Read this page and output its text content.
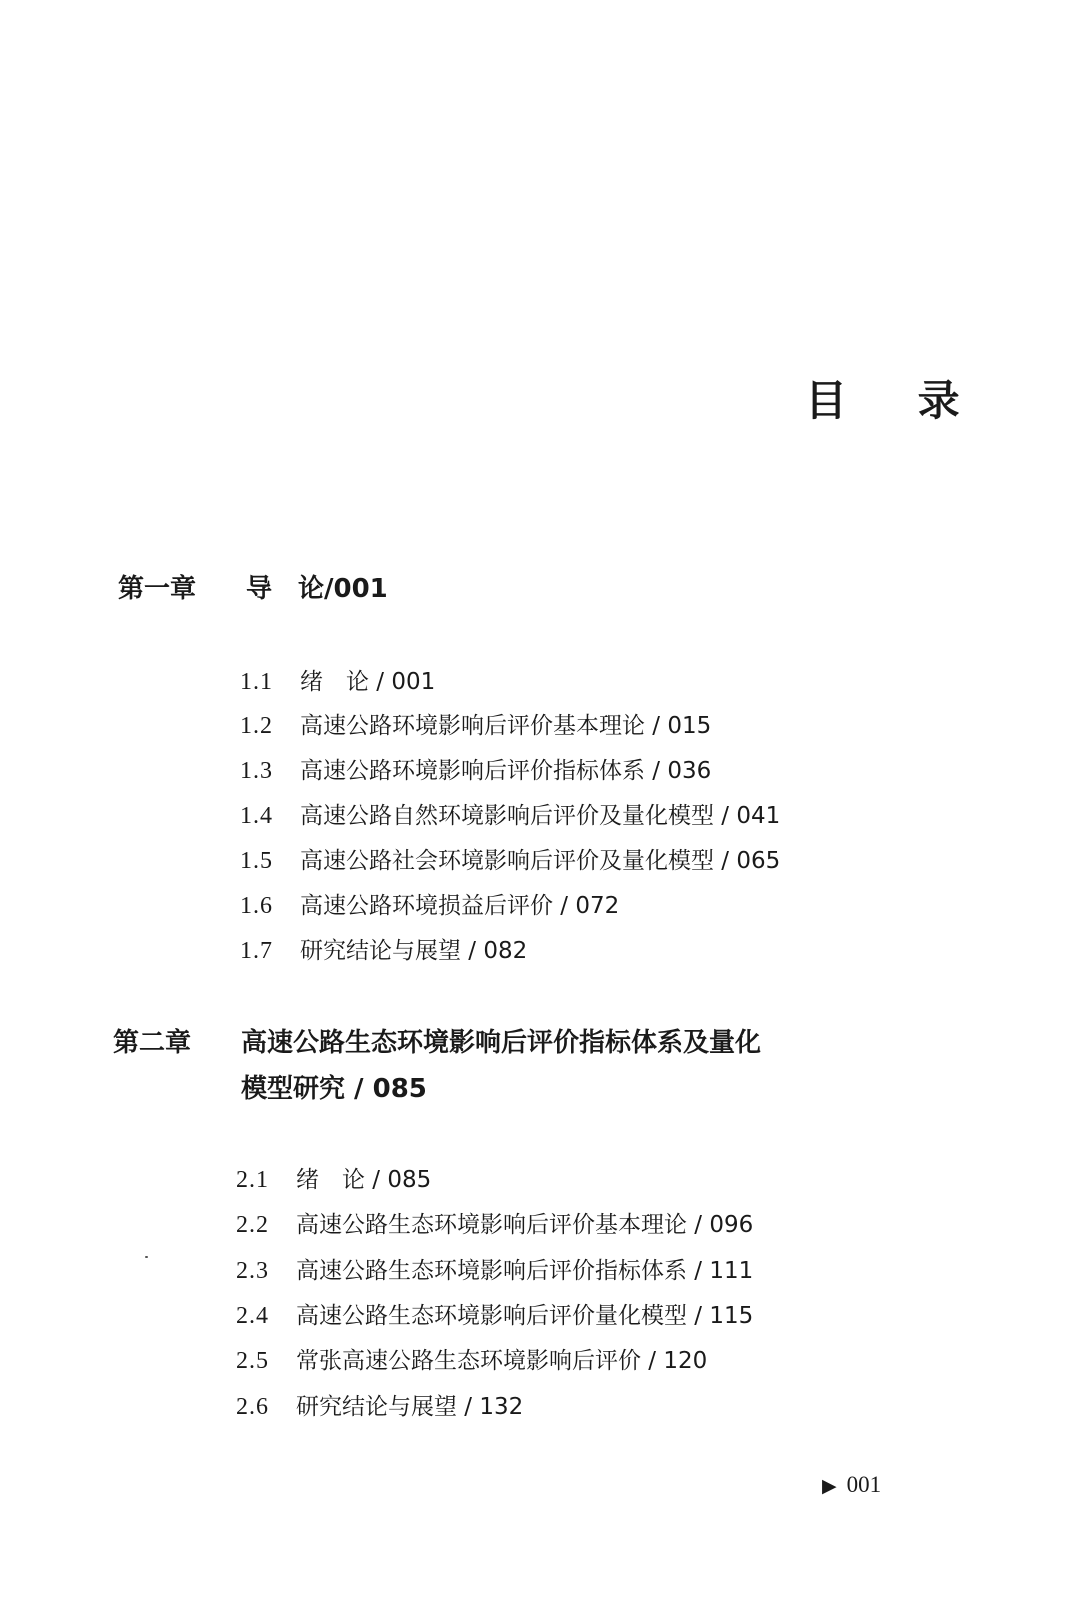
目 录
第一章 导　论/001
1.1 绪　论 / 001
1.2 高速公路环境影响后评价基本理论 / 015
1.3 高速公路环境影响后评价指标体系 / 036
1.4 高速公路自然环境影响后评价及量化模型 / 041
1.5 高速公路社会环境影响后评价及量化模型 / 065
1.6 高速公路环境损益后评价 / 072
1.7 研究结论与展望 / 082
第二章 高速公路生态环境影响后评价指标体系及量化
模型研究 / 085
2.1 绪　论 / 085
2.2 高速公路生态环境影响后评价基本理论 / 096
2.3 高速公路生态环境影响后评价指标体系 / 111
2.4 高速公路生态环境影响后评价量化模型 / 115
2.5 常张高速公路生态环境影响后评价 / 120
2.6 研究结论与展望 / 132
▶ 001
